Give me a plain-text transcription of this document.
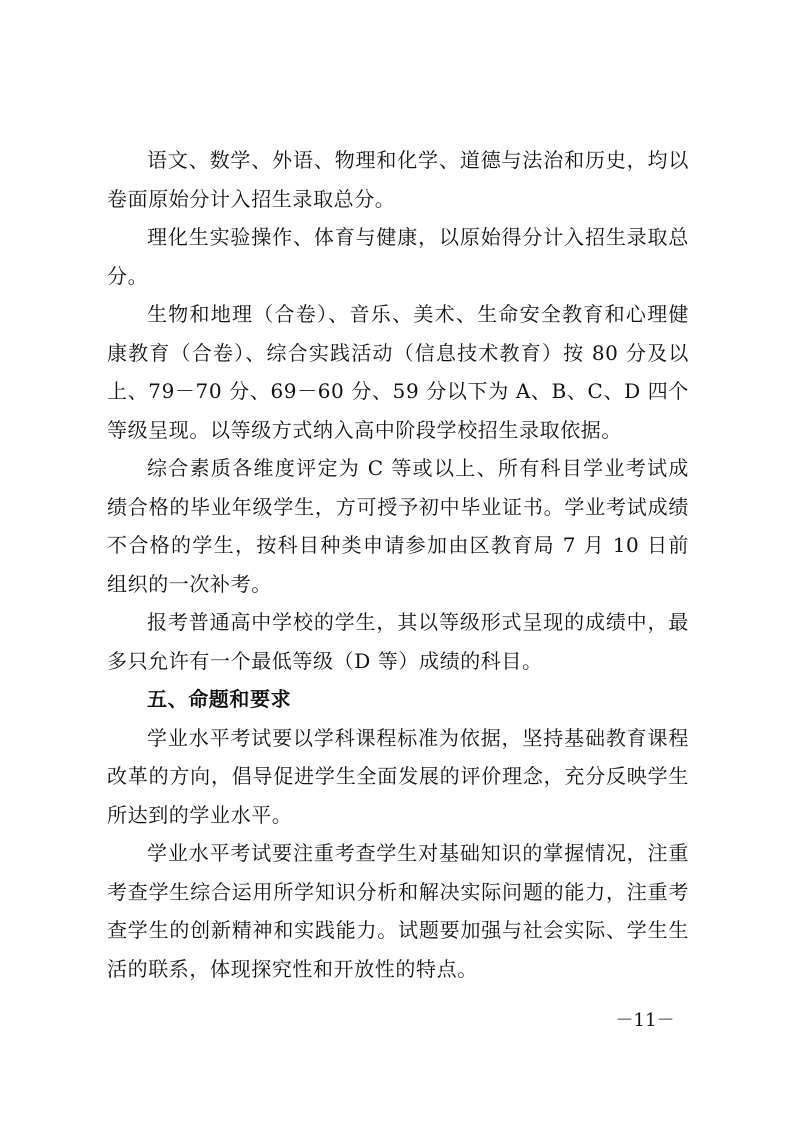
语文、数学、外语、物理和化学、道德与法治和历史，均以卷面原始分计入招生录取总分。

理化生实验操作、体育与健康，以原始得分计入招生录取总分。

生物和地理（合卷）、音乐、美术、生命安全教育和心理健康教育（合卷）、综合实践活动（信息技术教育）按 80 分及以上、79－70 分、69－60 分、59 分以下为 A、B、C、D 四个等级呈现。以等级方式纳入高中阶段学校招生录取依据。

综合素质各维度评定为 C 等或以上、所有科目学业考试成绩合格的毕业年级学生，方可授予初中毕业证书。学业考试成绩不合格的学生，按科目种类申请参加由区教育局 7 月 10 日前组织的一次补考。

报考普通高中学校的学生，其以等级形式呈现的成绩中，最多只允许有一个最低等级（D 等）成绩的科目。

五、命题和要求

学业水平考试要以学科课程标准为依据，坚持基础教育课程改革的方向，倡导促进学生全面发展的评价理念，充分反映学生所达到的学业水平。

学业水平考试要注重考查学生对基础知识的掌握情况，注重考查学生综合运用所学知识分析和解决实际问题的能力，注重考查学生的创新精神和实践能力。试题要加强与社会实际、学生生活的联系，体现探究性和开放性的特点。

－11－
